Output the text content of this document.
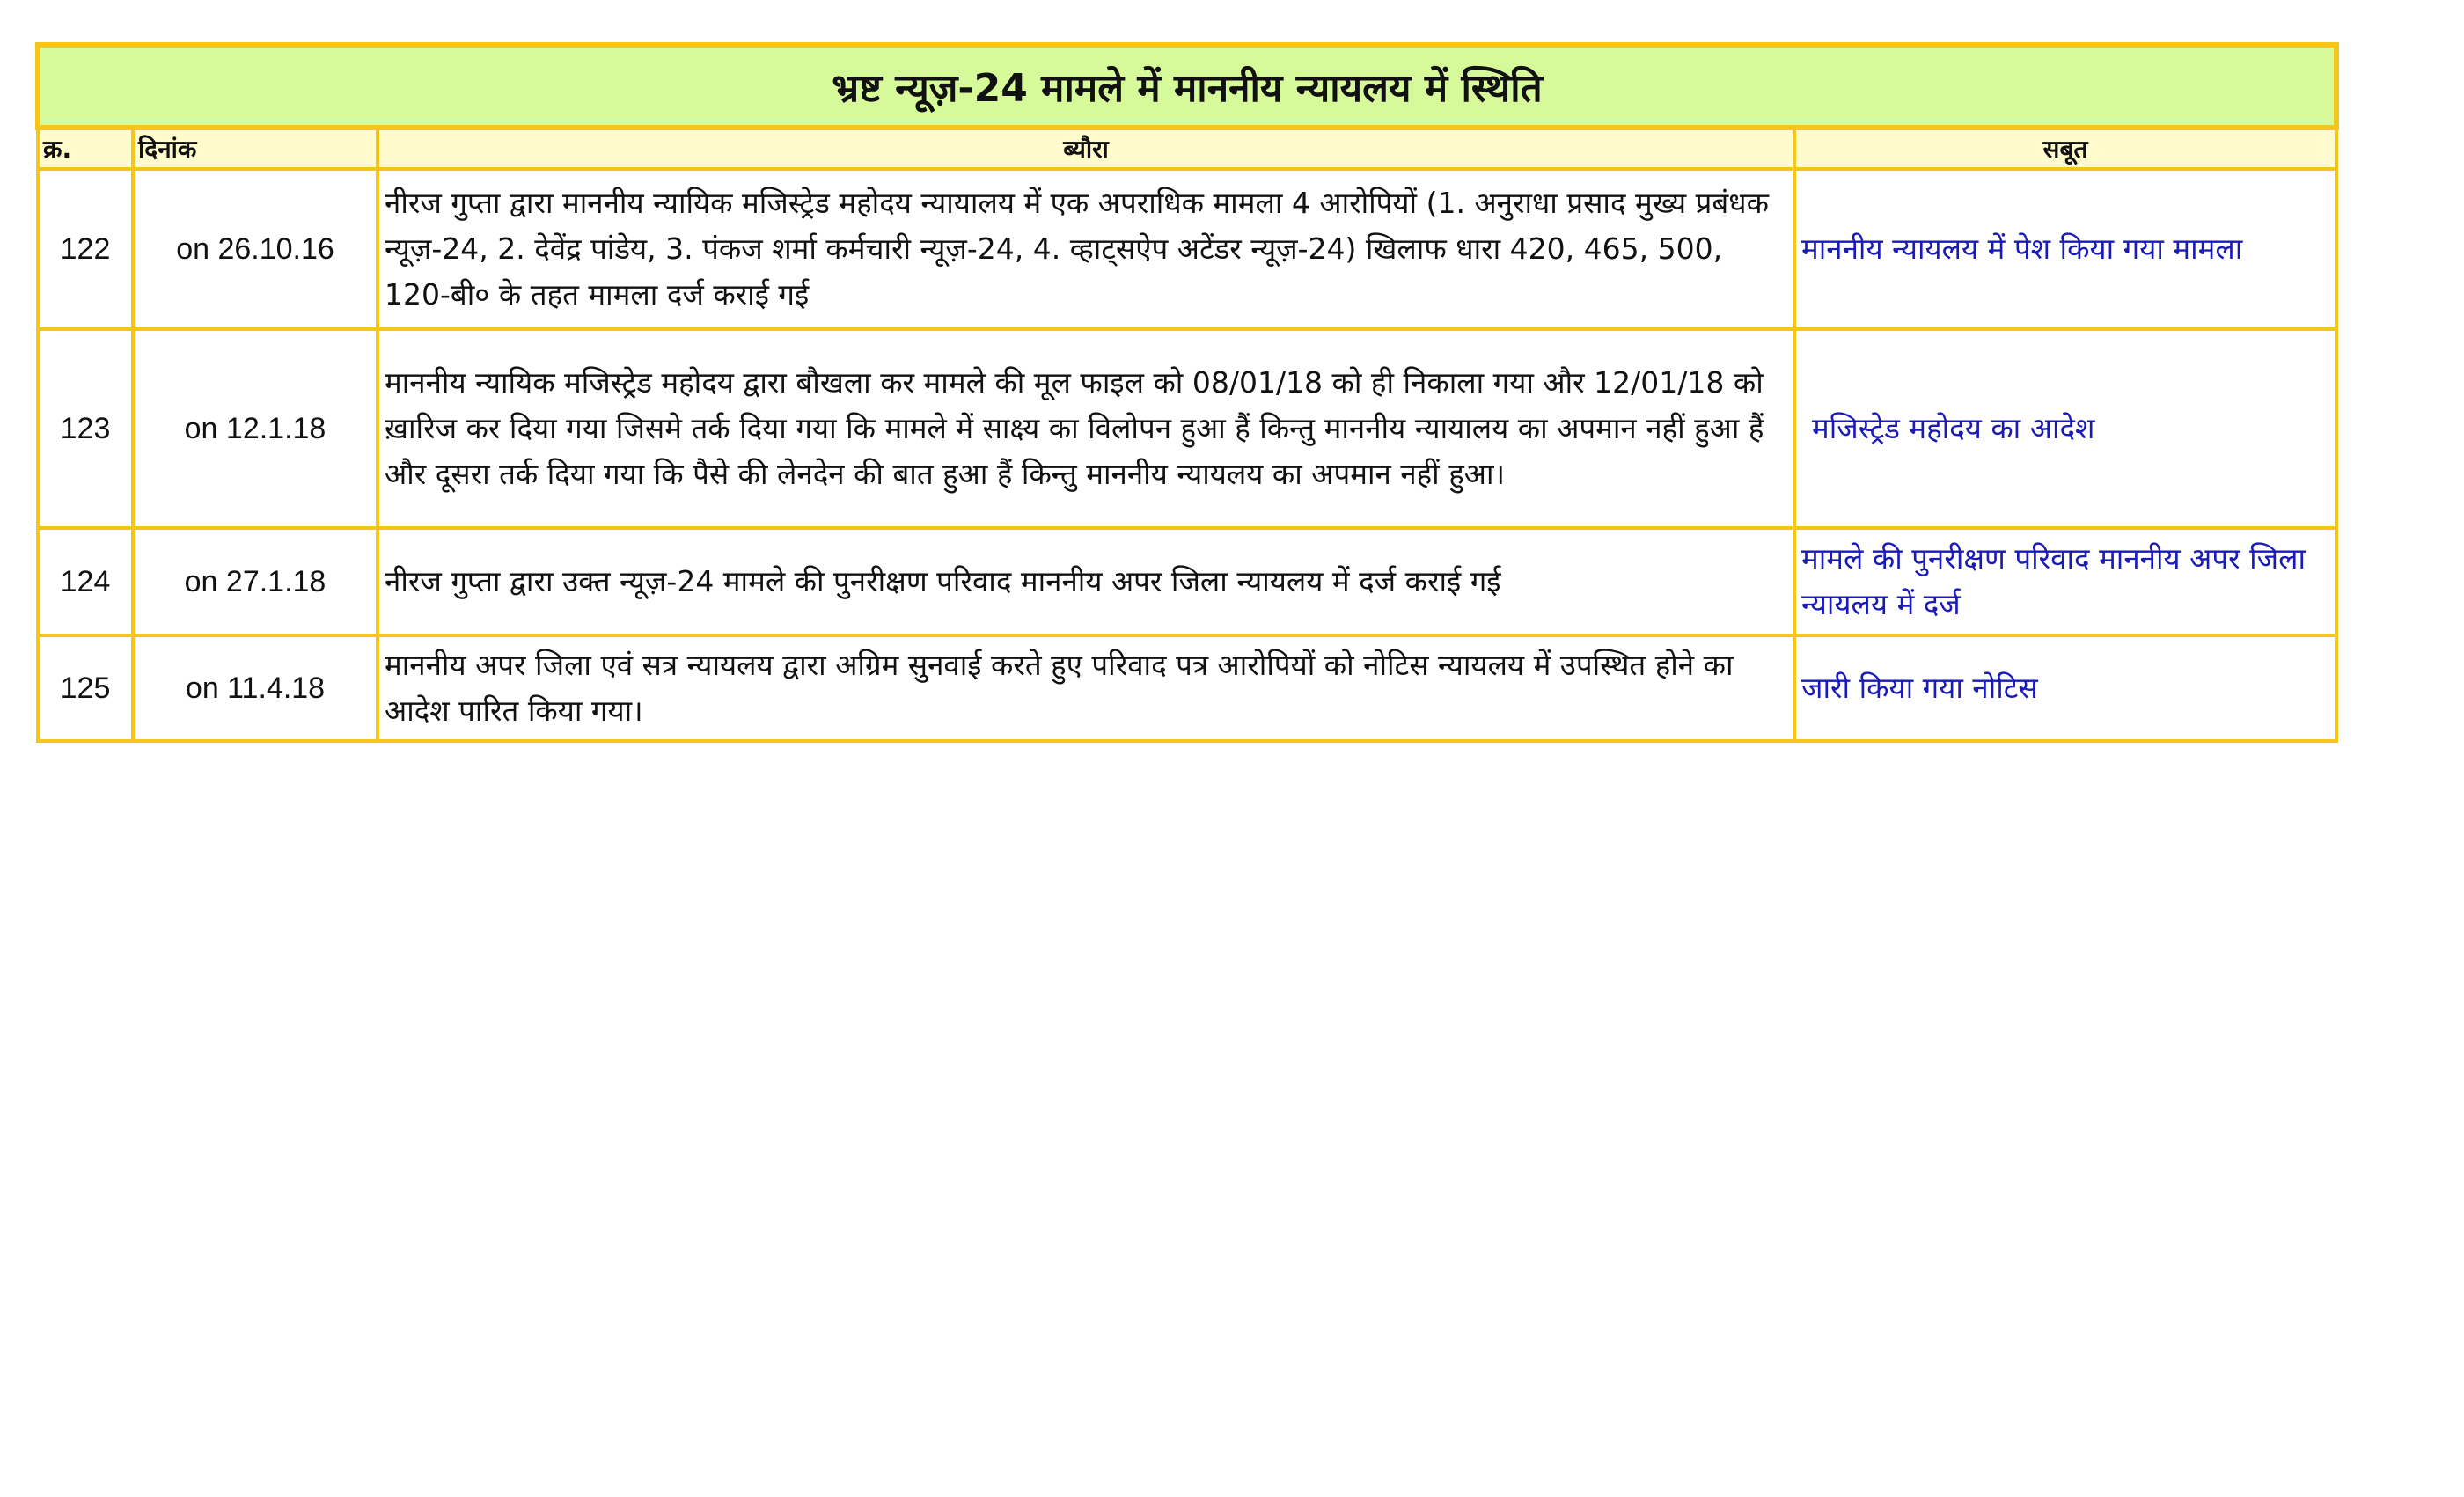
भ्रष्ट न्यूज़-24 मामले में माननीय न्यायलय में स्थिति			
क्र.	दिनांक	ब्यौरा	सबूत
122	on 26.10.16	नीरज गुप्ता द्वारा माननीय न्यायिक मजिस्ट्रेड महोदय न्यायालय में एक अपराधिक मामला 4 आरोपियों (1. अनुराधा प्रसाद मुख्य प्रबंधक न्यूज़-24, 2. देवेंद्र पांडेय, 3. पंकज शर्मा कर्मचारी न्यूज़-24, 4. व्हाट्सऐप अटेंडर न्यूज़-24) खिलाफ धारा 420, 465, 500, 120-बी० के तहत मामला दर्ज कराई गई	माननीय न्यायलय में पेश किया गया मामला
123	on 12.1.18	माननीय न्यायिक मजिस्ट्रेड महोदय द्वारा बौखला कर मामले की मूल फाइल को 08/01/18 को ही निकाला गया और 12/01/18 को ख़ारिज कर दिया गया जिसमे तर्क दिया गया कि मामले में साक्ष्य का विलोपन हुआ हैं किन्तु माननीय न्यायालय का अपमान नहीं हुआ हैं और दूसरा तर्क दिया गया कि पैसे की लेनदेन की बात हुआ हैं किन्तु माननीय न्यायलय का अपमान नहीं हुआ।	मजिस्ट्रेड महोदय का आदेश
124	on 27.1.18	नीरज गुप्ता द्वारा उक्त न्यूज़-24 मामले की पुनरीक्षण परिवाद माननीय अपर जिला न्यायलय में दर्ज कराई गई	मामले की पुनरीक्षण परिवाद माननीय अपर जिला न्यायलय में दर्ज
125	on 11.4.18	माननीय अपर जिला एवं सत्र न्यायलय द्वारा अग्रिम सुनवाई करते हुए परिवाद पत्र आरोपियों को नोटिस न्यायलय में उपस्थित होने का आदेश पारित किया गया।	जारी किया गया नोटिस
